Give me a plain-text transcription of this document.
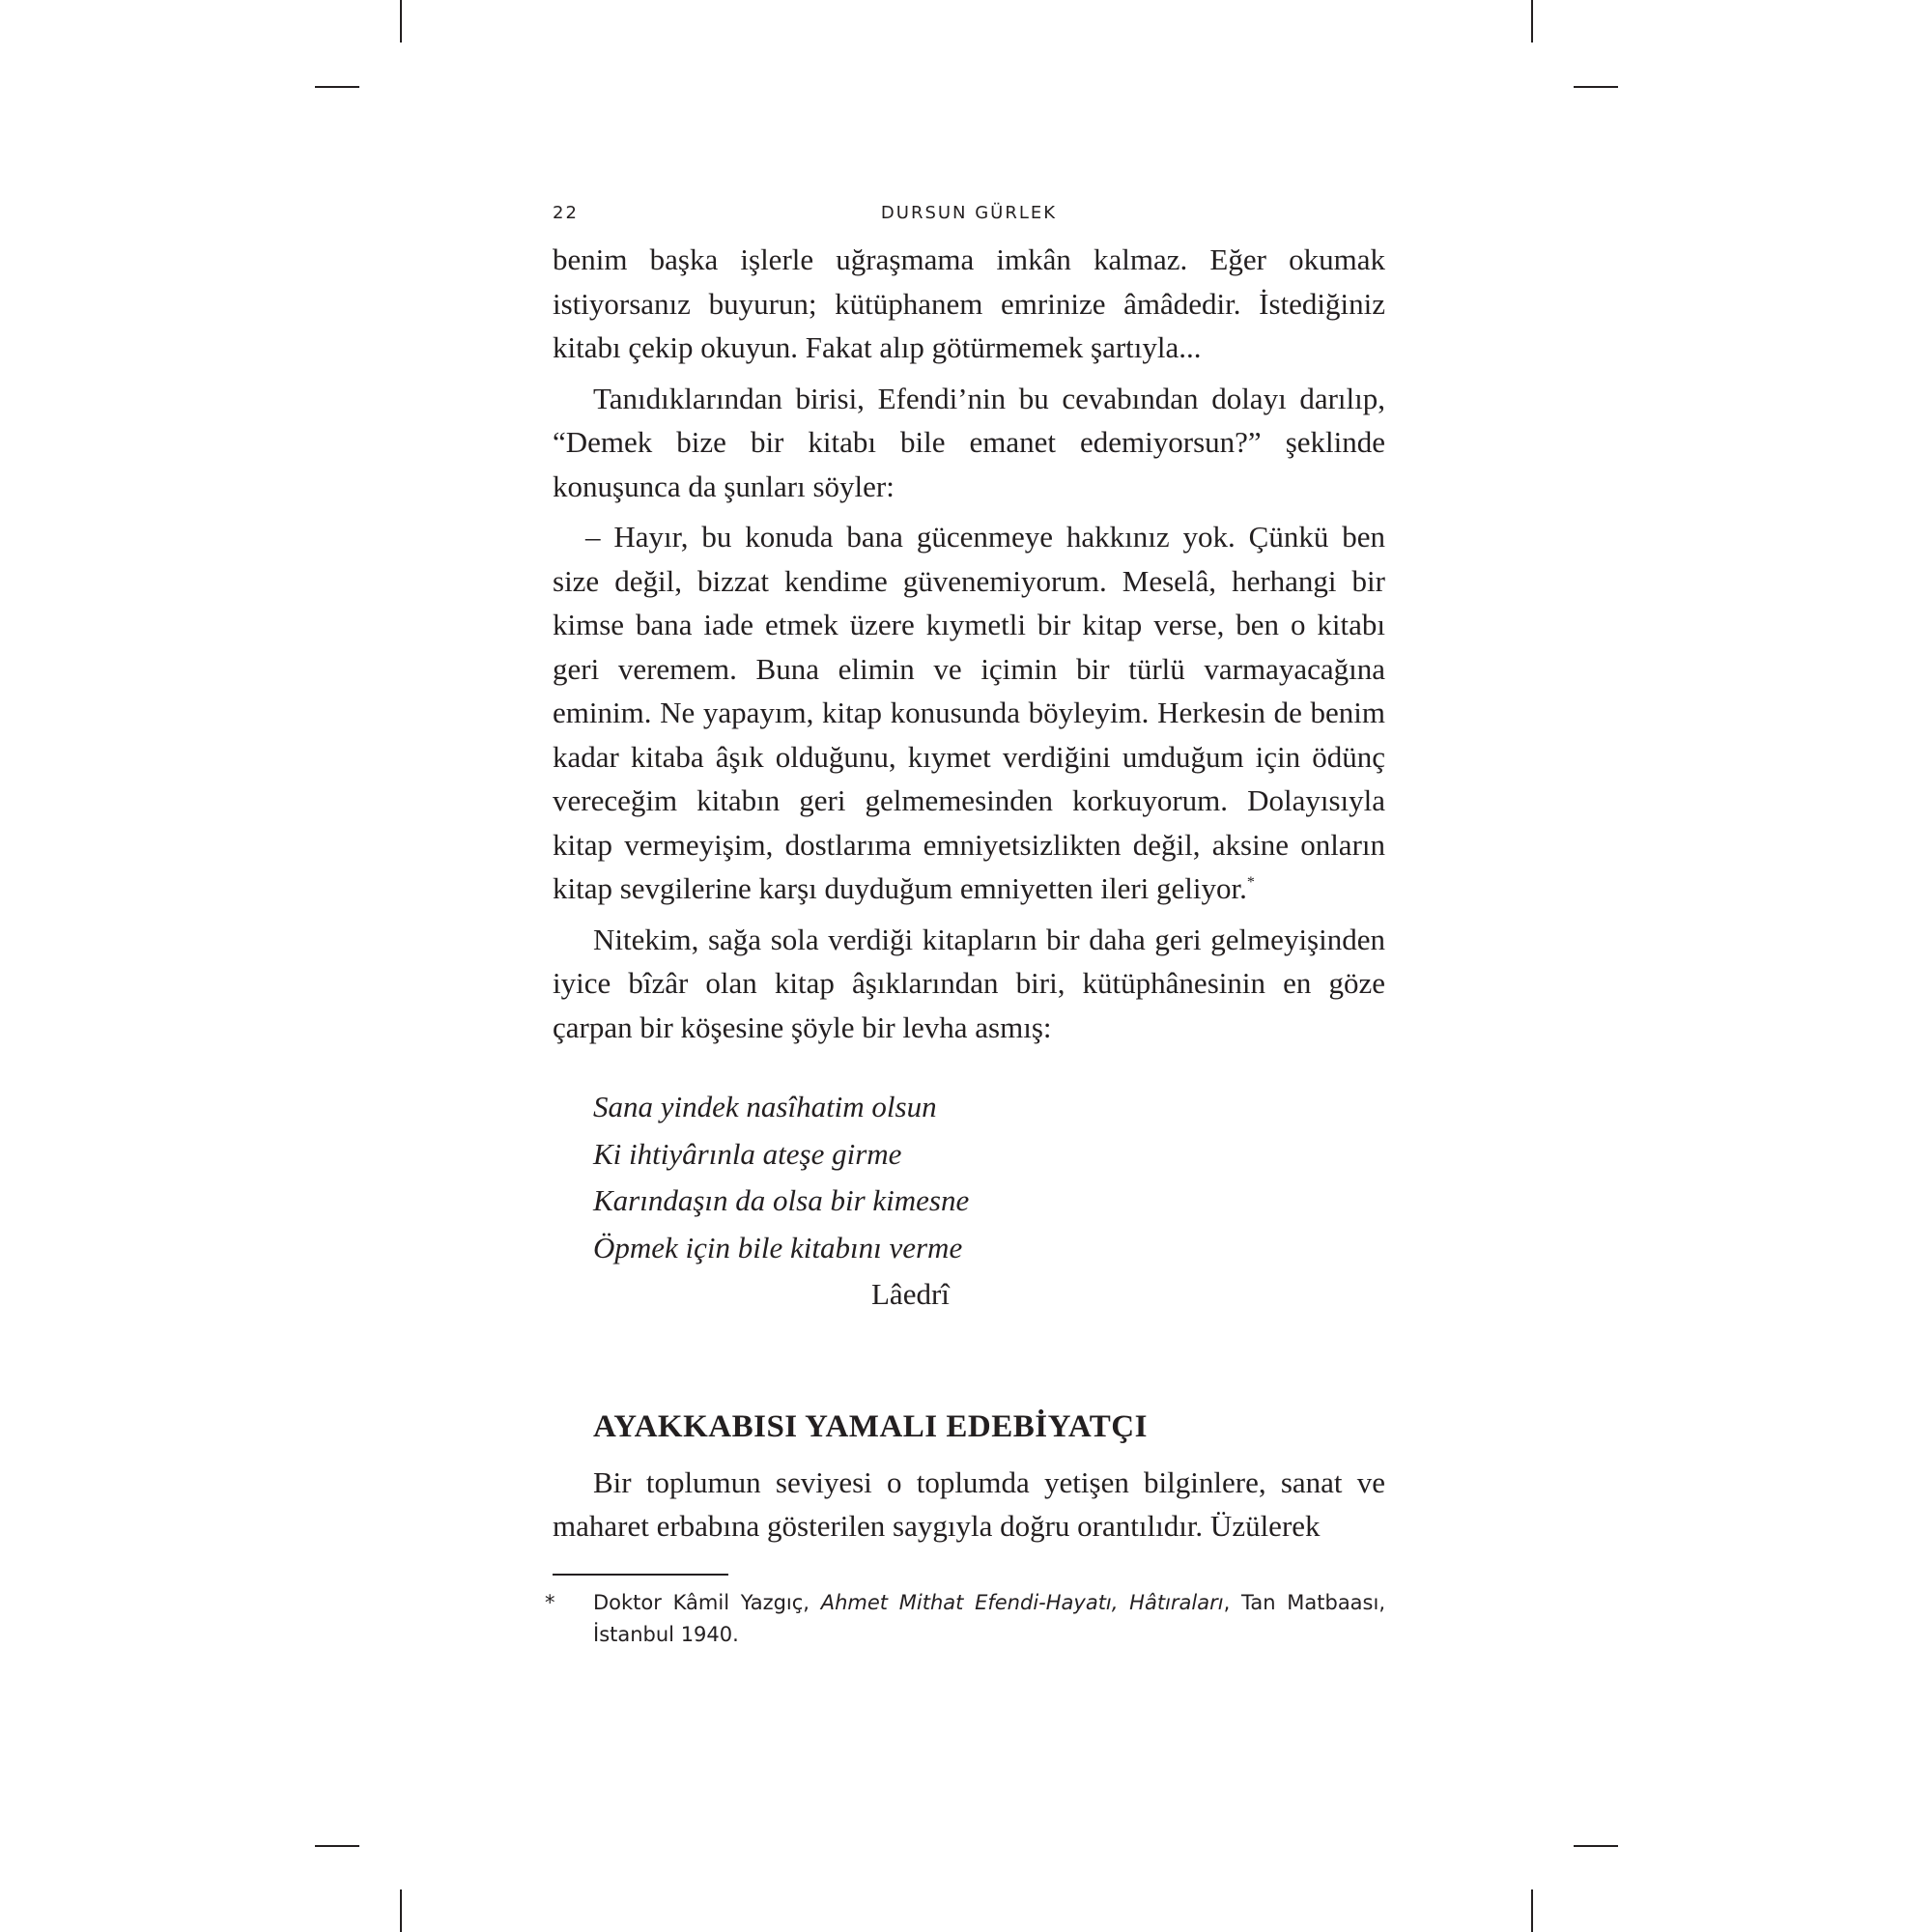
22	DURSUN GÜRLEK

benim başka işlerle uğraşmama imkân kalmaz. Eğer okumak istiyorsanız buyurun; kütüphanem emrinize âmâdedir. İstediğiniz kitabı çekip okuyun. Fakat alıp götürmemek şartıyla...

Tanıdıklarından birisi, Efendi’nin bu cevabından dolayı darılıp, “Demek bize bir kitabı bile emanet edemiyorsun?” şeklinde konuşunca da şunları söyler:

– Hayır, bu konuda bana gücenmeye hakkınız yok. Çünkü ben size değil, bizzat kendime güvenemiyorum. Meselâ, herhangi bir kimse bana iade etmek üzere kıymetli bir kitap verse, ben o kitabı geri veremem. Buna elimin ve içimin bir türlü varmayacağına eminim. Ne yapayım, kitap konusunda böyleyim. Herkesin de benim kadar kitaba âşık olduğunu, kıymet verdiğini umduğum için ödünç vereceğim kitabın geri gelmemesinden korkuyorum. Dolayısıyla kitap vermeyişim, dostlarıma emniyetsizlikten değil, aksine onların kitap sevgilerine karşı duyduğum emniyetten ileri geliyor.*

Nitekim, sağa sola verdiği kitapların bir daha geri gelmeyişinden iyice bîzâr olan kitap âşıklarından biri, kütüphânesinin en göze çarpan bir köşesine şöyle bir levha asmış:

Sana yindek nasîhatim olsun
Ki ihtiyârınla ateşe girme
Karındaşın da olsa bir kimesne
Öpmek için bile kitabını verme
Lâedrî
AYAKKABISI YAMALI EDEBİYATÇI

Bir toplumun seviyesi o toplumda yetişen bilginlere, sanat ve maharet erbabına gösterilen saygıyla doğru orantılıdır. Üzülerek

* Doktor Kâmil Yazgıç, Ahmet Mithat Efendi-Hayatı, Hâtıraları, Tan Matbaası, İstanbul 1940.
